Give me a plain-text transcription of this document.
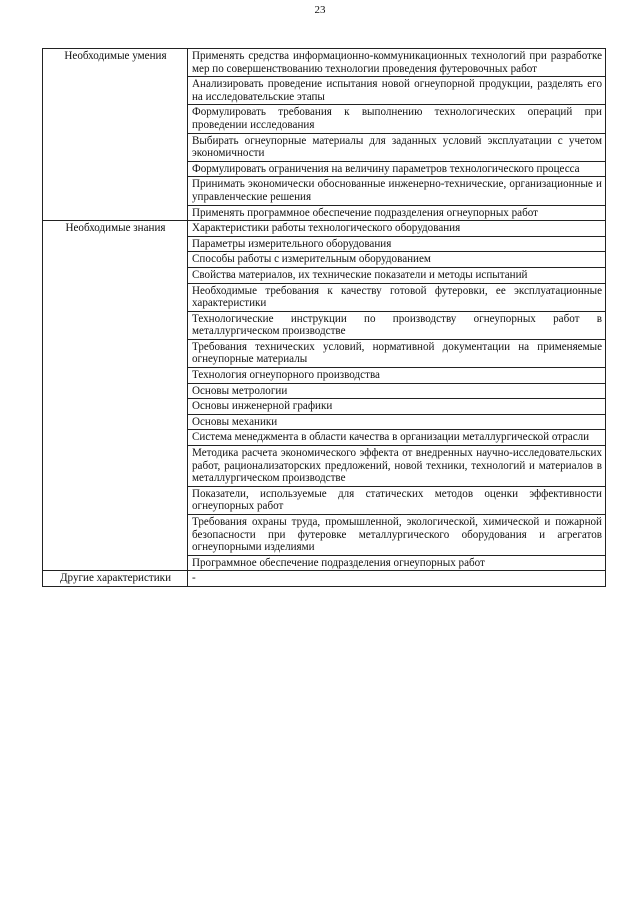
23
Необходимые умения	Применять средства информационно-коммуникационных технологий при разработке мер по совершенствованию технологии проведения футеровочных работ
	Анализировать проведение испытания новой огнеупорной продукции, разделять его на исследовательские этапы
	Формулировать требования к выполнению технологических операций при проведении исследования
	Выбирать огнеупорные материалы для заданных условий эксплуатации с учетом экономичности
	Формулировать ограничения на величину параметров технологического процесса
	Принимать экономически обоснованные инженерно-технические, организационные и управленческие решения
	Применять программное обеспечение подразделения огнеупорных работ
Необходимые знания	Характеристики работы технологического оборудования
	Параметры измерительного оборудования
	Способы работы с измерительным оборудованием
	Свойства материалов, их технические показатели и методы испытаний
	Необходимые требования к качеству готовой футеровки, ее эксплуатационные характеристики
	Технологические инструкции по производству огнеупорных работ в металлургическом производстве
	Требования технических условий, нормативной документации на применяемые огнеупорные материалы
	Технология огнеупорного производства
	Основы метрологии
	Основы инженерной графики
	Основы механики
	Система менеджмента в области качества в организации металлургической отрасли
	Методика расчета экономического эффекта от внедренных научно-исследовательских работ, рационализаторских предложений, новой техники, технологий и материалов в металлургическом производстве
	Показатели, используемые для статических методов оценки эффективности огнеупорных работ
	Требования охраны труда, промышленной, экологической, химической и пожарной безопасности при футеровке металлургического оборудования и агрегатов огнеупорными изделиями
	Программное обеспечение подразделения огнеупорных работ
Другие характеристики	-
